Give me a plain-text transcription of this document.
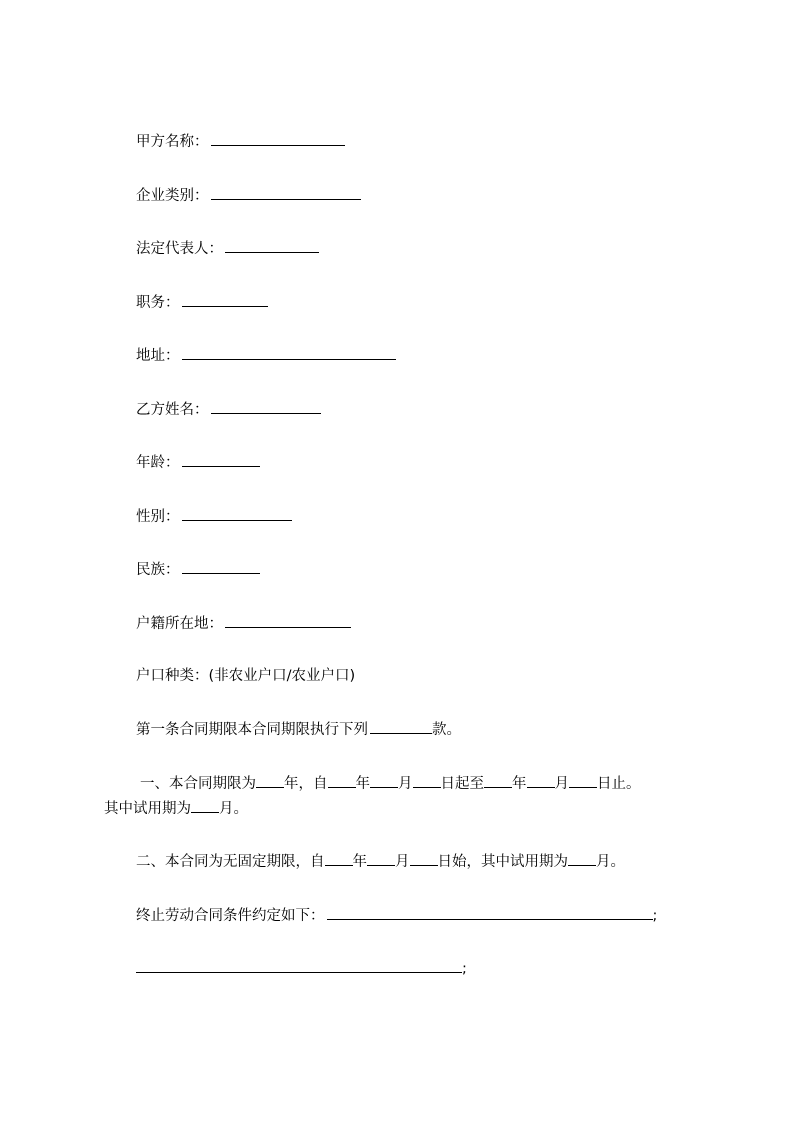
甲方名称：
企业类别：
法定代表人：
职务：
地址：
乙方姓名：
年龄：
性别：
民族：
户籍所在地：
户口种类：(非农业户口/农业户口)
第一条合同期限本合同期限执行下列	款。
一、本合同期限为 年，自 年 月 日起至 年 月 日止。
其中试用期为 月。
二、本合同为无固定期限，自 年 月 日始，其中试用期为 月。
终止劳动合同条件约定如下：	;
;
